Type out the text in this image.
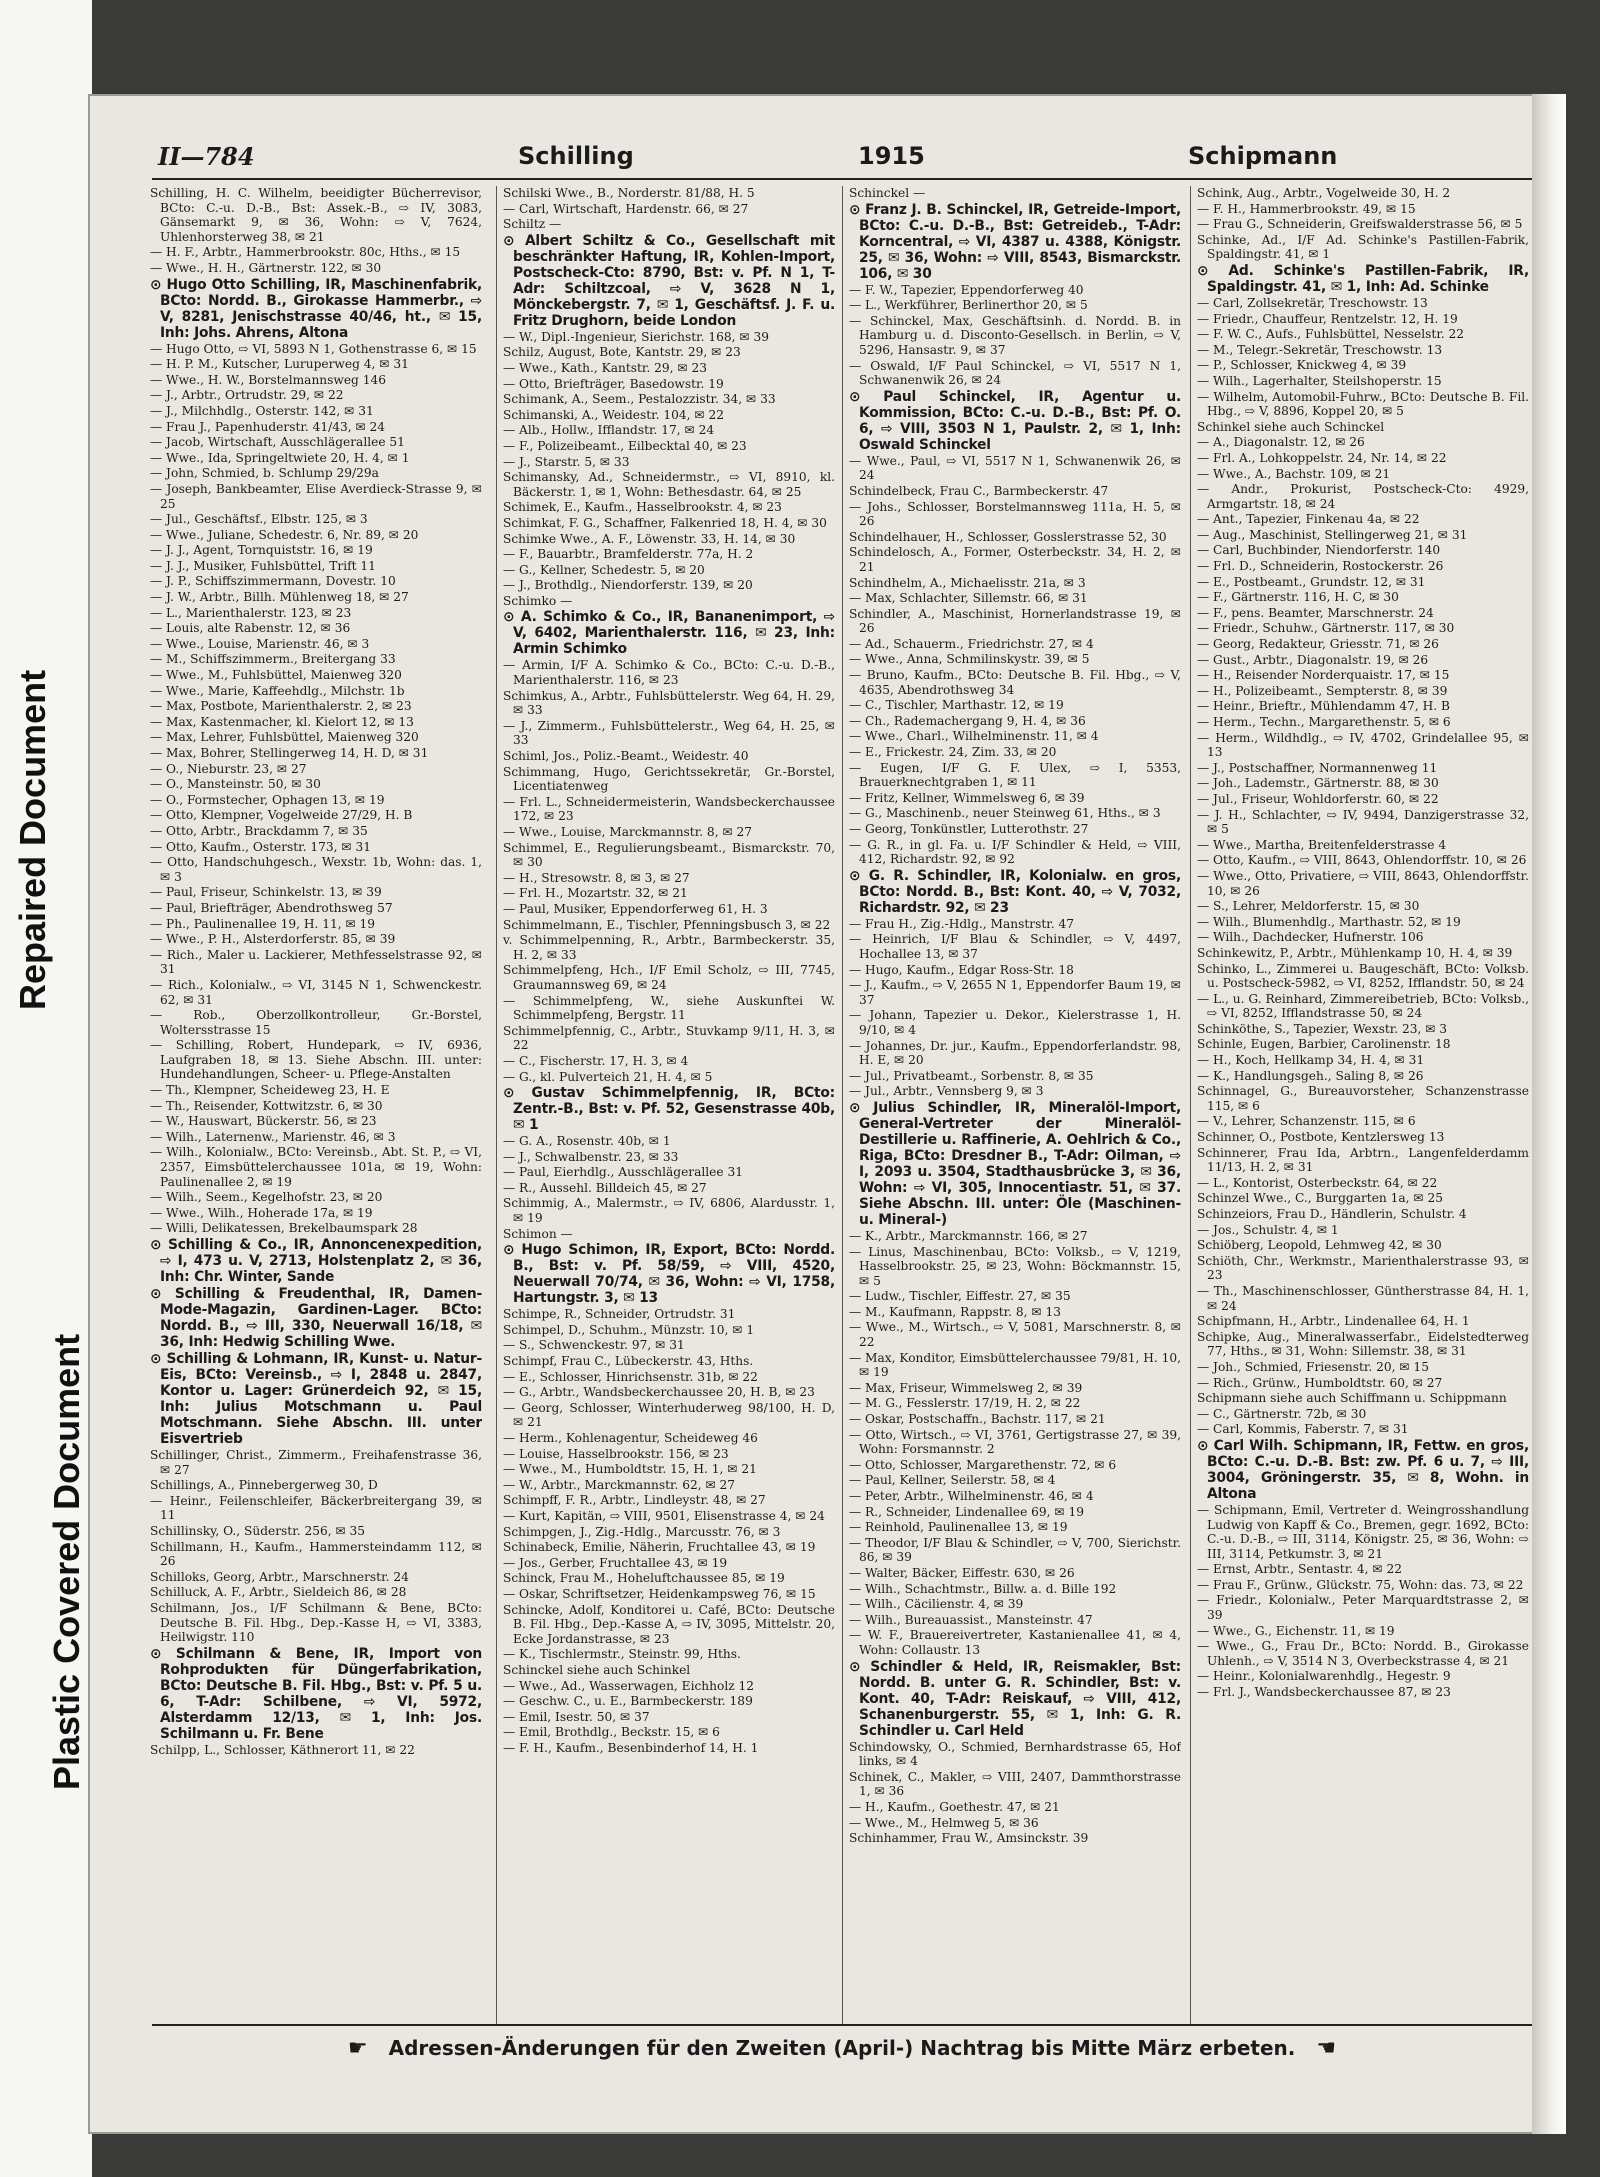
Plastic Covered Document
Repaired Document
II—784	Schilling	1915	Schipmann
Schilling, H. C. Wilhelm, beeidigter Bücherrevisor, BCto: C.-u. D.-B., Bst: Assek.-B., ⇨ IV, 3083, Gänsemarkt 9, ✉ 36, Wohn: ⇨ V, 7624, Uhlenhorsterweg 38, ✉ 21
— H. F., Arbtr., Hammerbrookstr. 80c, Hths., ✉ 15
— Wwe., H. H., Gärtnerstr. 122, ✉ 30
⊙ Hugo Otto Schilling, IR, Maschinenfabrik, BCto: Nordd. B., Girokasse Hammerbr., ⇨ V, 8281, Jenischstrasse 40/46, ht., ✉ 15, Inh: Johs. Ahrens, Altona
— Hugo Otto, ⇨ VI, 5893 N 1, Gothenstrasse 6, ✉ 15
— H. P. M., Kutscher, Luruperweg 4, ✉ 31
— Wwe., H. W., Borstelmannsweg 146
— J., Arbtr., Ortrudstr. 29, ✉ 22
— J., Milchhdlg., Osterstr. 142, ✉ 31
— Frau J., Papenhuderstr. 41/43, ✉ 24
— Jacob, Wirtschaft, Ausschlägerallee 51
— Wwe., Ida, Springeltwiete 20, H. 4, ✉ 1
— John, Schmied, b. Schlump 29/29a
— Joseph, Bankbeamter, Elise Averdieck-Strasse 9, ✉ 25
— Jul., Geschäftsf., Elbstr. 125, ✉ 3
— Wwe., Juliane, Schedestr. 6, Nr. 89, ✉ 20
— J. J., Agent, Tornquiststr. 16, ✉ 19
— J. J., Musiker, Fuhlsbüttel, Trift 11
— J. P., Schiffszimmermann, Dovestr. 10
— J. W., Arbtr., Billh. Mühlenweg 18, ✉ 27
— L., Marienthalerstr. 123, ✉ 23
— Louis, alte Rabenstr. 12, ✉ 36
— Wwe., Louise, Marienstr. 46, ✉ 3
— M., Schiffszimmerm., Breitergang 33
— Wwe., M., Fuhlsbüttel, Maienweg 320
— Wwe., Marie, Kaffeehdlg., Milchstr. 1b
— Max, Postbote, Marienthalerstr. 2, ✉ 23
— Max, Kastenmacher, kl. Kielort 12, ✉ 13
— Max, Lehrer, Fuhlsbüttel, Maienweg 320
— Max, Bohrer, Stellingerweg 14, H. D, ✉ 31
— O., Nieburstr. 23, ✉ 27
— O., Mansteinstr. 50, ✉ 30
— O., Formstecher, Ophagen 13, ✉ 19
— Otto, Klempner, Vogelweide 27/29, H. B
— Otto, Arbtr., Brackdamm 7, ✉ 35
— Otto, Kaufm., Osterstr. 173, ✉ 31
— Otto, Handschuhgesch., Wexstr. 1b, Wohn: das. 1, ✉ 3
— Paul, Friseur, Schinkelstr. 13, ✉ 39
— Paul, Briefträger, Abendrothsweg 57
— Ph., Paulinenallee 19, H. 11, ✉ 19
— Wwe., P. H., Alsterdorferstr. 85, ✉ 39
— Rich., Maler u. Lackierer, Methfesselstrasse 92, ✉ 31
— Rich., Kolonialw., ⇨ VI, 3145 N 1, Schwenckestr. 62, ✉ 31
— Rob., Oberzollkontrolleur, Gr.-Borstel, Woltersstrasse 15
— Schilling, Robert, Hundepark, ⇨ IV, 6936, Laufgraben 18, ✉ 13. Siehe Abschn. III. unter: Hundehandlungen, Scheer- u. Pflege-Anstalten
— Th., Klempner, Scheideweg 23, H. E
— Th., Reisender, Kottwitzstr. 6, ✉ 30
— W., Hauswart, Bückerstr. 56, ✉ 23
— Wilh., Laternenw., Marienstr. 46, ✉ 3
— Wilh., Kolonialw., BCto: Vereinsb., Abt. St. P., ⇨ VI, 2357, Eimsbüttelerchaussee 101a, ✉ 19, Wohn: Paulinenallee 2, ✉ 19
— Wilh., Seem., Kegelhofstr. 23, ✉ 20
— Wwe., Wilh., Hoherade 17a, ✉ 19
— Willi, Delikatessen, Brekelbaumspark 28
⊙ Schilling & Co., IR, Annoncenexpedition, ⇨ I, 473 u. V, 2713, Holstenplatz 2, ✉ 36, Inh: Chr. Winter, Sande
⊙ Schilling & Freudenthal, IR, Damen-Mode-Magazin, Gardinen-Lager. BCto: Nordd. B., ⇨ III, 330, Neuerwall 16/18, ✉ 36, Inh: Hedwig Schilling Wwe.
⊙ Schilling & Lohmann, IR, Kunst- u. Natur-Eis, BCto: Vereinsb., ⇨ I, 2848 u. 2847, Kontor u. Lager: Grünerdeich 92, ✉ 15, Inh: Julius Motschmann u. Paul Motschmann. Siehe Abschn. III. unter Eisvertrieb
Schillinger, Christ., Zimmerm., Freihafenstrasse 36, ✉ 27
Schillings, A., Pinnebergerweg 30, D
— Heinr., Feilenschleifer, Bäckerbreitergang 39, ✉ 11
Schillinsky, O., Süderstr. 256, ✉ 35
Schillmann, H., Kaufm., Hammersteindamm 112, ✉ 26
Schilloks, Georg, Arbtr., Marschnerstr. 24
Schilluck, A. F., Arbtr., Sieldeich 86, ✉ 28
Schilmann, Jos., I/F Schilmann & Bene, BCto: Deutsche B. Fil. Hbg., Dep.-Kasse H, ⇨ VI, 3383, Heilwigstr. 110
⊙ Schilmann & Bene, IR, Import von Rohprodukten für Düngerfabrikation, BCto: Deutsche B. Fil. Hbg., Bst: v. Pf. 5 u. 6, T-Adr: Schilbene, ⇨ VI, 5972, Alsterdamm 12/13, ✉ 1, Inh: Jos. Schilmann u. Fr. Bene
Schilpp, L., Schlosser, Käthnerort 11, ✉ 22
Schilski Wwe., B., Norderstr. 81/88, H. 5
— Carl, Wirtschaft, Hardenstr. 66, ✉ 27
Schiltz —
⊙ Albert Schiltz & Co., Gesellschaft mit beschränkter Haftung, IR, Kohlen-Import, Postscheck-Cto: 8790, Bst: v. Pf. N 1, T-Adr: Schiltzcoal, ⇨ V, 3628 N 1, Mönckebergstr. 7, ✉ 1, Geschäftsf. J. F. u. Fritz Drughorn, beide London
— W., Dipl.-Ingenieur, Sierichstr. 168, ✉ 39
Schilz, August, Bote, Kantstr. 29, ✉ 23
— Wwe., Kath., Kantstr. 29, ✉ 23
— Otto, Briefträger, Basedowstr. 19
Schimank, A., Seem., Pestalozzistr. 34, ✉ 33
Schimanski, A., Weidestr. 104, ✉ 22
— Alb., Hollw., Ifflandstr. 17, ✉ 24
— F., Polizeibeamt., Eilbecktal 40, ✉ 23
— J., Starstr. 5, ✉ 33
Schimansky, Ad., Schneidermstr., ⇨ VI, 8910, kl. Bäckerstr. 1, ✉ 1, Wohn: Bethesdastr. 64, ✉ 25
Schimek, E., Kaufm., Hasselbrookstr. 4, ✉ 23
Schimkat, F. G., Schaffner, Falkenried 18, H. 4, ✉ 30
Schimke Wwe., A. F., Löwenstr. 33, H. 14, ✉ 30
— F., Bauarbtr., Bramfelderstr. 77a, H. 2
— G., Kellner, Schedestr. 5, ✉ 20
— J., Brothdlg., Niendorferstr. 139, ✉ 20
Schimko —
⊙ A. Schimko & Co., IR, Bananenimport, ⇨ V, 6402, Marienthalerstr. 116, ✉ 23, Inh: Armin Schimko
— Armin, I/F A. Schimko & Co., BCto: C.-u. D.-B., Marienthalerstr. 116, ✉ 23
Schimkus, A., Arbtr., Fuhlsbüttelerstr. Weg 64, H. 29, ✉ 33
— J., Zimmerm., Fuhlsbüttelerstr., Weg 64, H. 25, ✉ 33
Schiml, Jos., Poliz.-Beamt., Weidestr. 40
Schimmang, Hugo, Gerichtssekretär, Gr.-Borstel, Licentiatenweg
— Frl. L., Schneidermeisterin, Wandsbeckerchaussee 172, ✉ 23
— Wwe., Louise, Marckmannstr. 8, ✉ 27
Schimmel, E., Regulierungsbeamt., Bismarckstr. 70, ✉ 30
— H., Stresowstr. 8, ✉ 3, ✉ 27
— Frl. H., Mozartstr. 32, ✉ 21
— Paul, Musiker, Eppendorferweg 61, H. 3
Schimmelmann, E., Tischler, Pfenningsbusch 3, ✉ 22
v. Schimmelpenning, R., Arbtr., Barmbeckerstr. 35, H. 2, ✉ 33
Schimmelpfeng, Hch., I/F Emil Scholz, ⇨ III, 7745, Graumannsweg 69, ✉ 24
— Schimmelpfeng, W., siehe Auskunftei W. Schimmelpfeng, Bergstr. 11
Schimmelpfennig, C., Arbtr., Stuvkamp 9/11, H. 3, ✉ 22
— C., Fischerstr. 17, H. 3, ✉ 4
— G., kl. Pulverteich 21, H. 4, ✉ 5
⊙ Gustav Schimmelpfennig, IR, BCto: Zentr.-B., Bst: v. Pf. 52, Gesenstrasse 40b, ✉ 1
— G. A., Rosenstr. 40b, ✉ 1
— J., Schwalbenstr. 23, ✉ 33
— Paul, Eierhdlg., Ausschlägerallee 31
— R., Aussehl. Billdeich 45, ✉ 27
Schimmig, A., Malermstr., ⇨ IV, 6806, Alardusstr. 1, ✉ 19
Schimon —
⊙ Hugo Schimon, IR, Export, BCto: Nordd. B., Bst: v. Pf. 58/59, ⇨ VIII, 4520, Neuerwall 70/74, ✉ 36, Wohn: ⇨ VI, 1758, Hartungstr. 3, ✉ 13
Schimpe, R., Schneider, Ortrudstr. 31
Schimpel, D., Schuhm., Münzstr. 10, ✉ 1
— S., Schwenckestr. 97, ✉ 31
Schimpf, Frau C., Lübeckerstr. 43, Hths.
— E., Schlosser, Hinrichsenstr. 31b, ✉ 22
— G., Arbtr., Wandsbeckerchaussee 20, H. B, ✉ 23
— Georg, Schlosser, Winterhuderweg 98/100, H. D, ✉ 21
— Herm., Kohlenagentur, Scheideweg 46
— Louise, Hasselbrookstr. 156, ✉ 23
— Wwe., M., Humboldtstr. 15, H. 1, ✉ 21
— W., Arbtr., Marckmannstr. 62, ✉ 27
Schimpff, F. R., Arbtr., Lindleystr. 48, ✉ 27
— Kurt, Kapitän, ⇨ VIII, 9501, Elisenstrasse 4, ✉ 24
Schimpgen, J., Zig.-Hdlg., Marcusstr. 76, ✉ 3
Schinabeck, Emilie, Näherin, Fruchtallee 43, ✉ 19
— Jos., Gerber, Fruchtallee 43, ✉ 19
Schinck, Frau M., Hoheluftchaussee 85, ✉ 19
— Oskar, Schriftsetzer, Heidenkampsweg 76, ✉ 15
Schincke, Adolf, Konditorei u. Café, BCto: Deutsche B. Fil. Hbg., Dep.-Kasse A, ⇨ IV, 3095, Mittelstr. 20, Ecke Jordanstrasse, ✉ 23
— K., Tischlermstr., Steinstr. 99, Hths.
Schinckel siehe auch Schinkel
— Wwe., Ad., Wasserwagen, Eichholz 12
— Geschw. C., u. E., Barmbeckerstr. 189
— Emil, Isestr. 50, ✉ 37
— Emil, Brothdlg., Beckstr. 15, ✉ 6
— F. H., Kaufm., Besenbinderhof 14, H. 1
Schinckel —
⊙ Franz J. B. Schinckel, IR, Getreide-Import, BCto: C.-u. D.-B., Bst: Getreideb., T-Adr: Korncentral, ⇨ VI, 4387 u. 4388, Königstr. 25, ✉ 36, Wohn: ⇨ VIII, 8543, Bismarckstr. 106, ✉ 30
— F. W., Tapezier, Eppendorferweg 40
— L., Werkführer, Berlinerthor 20, ✉ 5
— Schinckel, Max, Geschäftsinh. d. Nordd. B. in Hamburg u. d. Disconto-Gesellsch. in Berlin, ⇨ V, 5296, Hansastr. 9, ✉ 37
— Oswald, I/F Paul Schinckel, ⇨ VI, 5517 N 1, Schwanenwik 26, ✉ 24
⊙ Paul Schinckel, IR, Agentur u. Kommission, BCto: C.-u. D.-B., Bst: Pf. O. 6, ⇨ VIII, 3503 N 1, Paulstr. 2, ✉ 1, Inh: Oswald Schinckel
— Wwe., Paul, ⇨ VI, 5517 N 1, Schwanenwik 26, ✉ 24
Schindelbeck, Frau C., Barmbeckerstr. 47
— Johs., Schlosser, Borstelmannsweg 111a, H. 5, ✉ 26
Schindelhauer, H., Schlosser, Gosslerstrasse 52, 30
Schindelosch, A., Former, Osterbeckstr. 34, H. 2, ✉ 21
Schindhelm, A., Michaelisstr. 21a, ✉ 3
— Max, Schlachter, Sillemstr. 66, ✉ 31
Schindler, A., Maschinist, Hornerlandstrasse 19, ✉ 26
— Ad., Schauerm., Friedrichstr. 27, ✉ 4
— Wwe., Anna, Schmilinskystr. 39, ✉ 5
— Bruno, Kaufm., BCto: Deutsche B. Fil. Hbg., ⇨ V, 4635, Abendrothsweg 34
— C., Tischler, Marthastr. 12, ✉ 19
— Ch., Rademachergang 9, H. 4, ✉ 36
— Wwe., Charl., Wilhelminenstr. 11, ✉ 4
— E., Frickestr. 24, Zim. 33, ✉ 20
— Eugen, I/F G. F. Ulex, ⇨ I, 5353, Brauerknechtgraben 1, ✉ 11
— Fritz, Kellner, Wimmelsweg 6, ✉ 39
— G., Maschinenb., neuer Steinweg 61, Hths., ✉ 3
— Georg, Tonkünstler, Lutterothstr. 27
— G. R., in gl. Fa. u. I/F Schindler & Held, ⇨ VIII, 412, Richardstr. 92, ✉ 92
⊙ G. R. Schindler, IR, Kolonialw. en gros, BCto: Nordd. B., Bst: Kont. 40, ⇨ V, 7032, Richardstr. 92, ✉ 23
— Frau H., Zig.-Hdlg., Manstrstr. 47
— Heinrich, I/F Blau & Schindler, ⇨ V, 4497, Hochallee 13, ✉ 37
— Hugo, Kaufm., Edgar Ross-Str. 18
— J., Kaufm., ⇨ V, 2655 N 1, Eppendorfer Baum 19, ✉ 37
— Johann, Tapezier u. Dekor., Kielerstrasse 1, H. 9/10, ✉ 4
— Johannes, Dr. jur., Kaufm., Eppendorferlandstr. 98, H. E, ✉ 20
— Jul., Privatbeamt., Sorbenstr. 8, ✉ 35
— Jul., Arbtr., Vennsberg 9, ✉ 3
⊙ Julius Schindler, IR, Mineralöl-Import, General-Vertreter der Mineralöl-Destillerie u. Raffinerie, A. Oehlrich & Co., Riga, BCto: Dresdner B., T-Adr: Oilman, ⇨ I, 2093 u. 3504, Stadthausbrücke 3, ✉ 36, Wohn: ⇨ VI, 305, Innocentiastr. 51, ✉ 37. Siehe Abschn. III. unter: Öle (Maschinen- u. Mineral-)
— K., Arbtr., Marckmannstr. 166, ✉ 27
— Linus, Maschinenbau, BCto: Volksb., ⇨ V, 1219, Hasselbrookstr. 25, ✉ 23, Wohn: Böckmannstr. 15, ✉ 5
— Ludw., Tischler, Eiffestr. 27, ✉ 35
— M., Kaufmann, Rappstr. 8, ✉ 13
— Wwe., M., Wirtsch., ⇨ V, 5081, Marschnerstr. 8, ✉ 22
— Max, Konditor, Eimsbüttelerchaussee 79/81, H. 10, ✉ 19
— Max, Friseur, Wimmelsweg 2, ✉ 39
— M. G., Fesslerstr. 17/19, H. 2, ✉ 22
— Oskar, Postschaffn., Bachstr. 117, ✉ 21
— Otto, Wirtsch., ⇨ VI, 3761, Gertigstrasse 27, ✉ 39, Wohn: Forsmannstr. 2
— Otto, Schlosser, Margarethenstr. 72, ✉ 6
— Paul, Kellner, Seilerstr. 58, ✉ 4
— Peter, Arbtr., Wilhelminenstr. 46, ✉ 4
— R., Schneider, Lindenallee 69, ✉ 19
— Reinhold, Paulinenallee 13, ✉ 19
— Theodor, I/F Blau & Schindler, ⇨ V, 700, Sierichstr. 86, ✉ 39
— Walter, Bäcker, Eiffestr. 630, ✉ 26
— Wilh., Schachtmstr., Billw. a. d. Bille 192
— Wilh., Cäcilienstr. 4, ✉ 39
— Wilh., Bureauassist., Mansteinstr. 47
— W. F., Brauereivertreter, Kastanienallee 41, ✉ 4, Wohn: Collaustr. 13
⊙ Schindler & Held, IR, Reismakler, Bst: Nordd. B. unter G. R. Schindler, Bst: v. Kont. 40, T-Adr: Reiskauf, ⇨ VIII, 412, Schanenburgerstr. 55, ✉ 1, Inh: G. R. Schindler u. Carl Held
Schindowsky, O., Schmied, Bernhardstrasse 65, Hof links, ✉ 4
Schinek, C., Makler, ⇨ VIII, 2407, Dammthorstrasse 1, ✉ 36
— H., Kaufm., Goethestr. 47, ✉ 21
— Wwe., M., Helmweg 5, ✉ 36
Schinhammer, Frau W., Amsinckstr. 39
Schink, Aug., Arbtr., Vogelweide 30, H. 2
— F. H., Hammerbrookstr. 49, ✉ 15
— Frau G., Schneiderin, Greifswalderstrasse 56, ✉ 5
Schinke, Ad., I/F Ad. Schinke's Pastillen-Fabrik, Spaldingstr. 41, ✉ 1
⊙ Ad. Schinke's Pastillen-Fabrik, IR, Spaldingstr. 41, ✉ 1, Inh: Ad. Schinke
— Carl, Zollsekretär, Treschowstr. 13
— Friedr., Chauffeur, Rentzelstr. 12, H. 19
— F. W. C., Aufs., Fuhlsbüttel, Nesselstr. 22
— M., Telegr.-Sekretär, Treschowstr. 13
— P., Schlosser, Knickweg 4, ✉ 39
— Wilh., Lagerhalter, Steilshoperstr. 15
— Wilhelm, Automobil-Fuhrw., BCto: Deutsche B. Fil. Hbg., ⇨ V, 8896, Koppel 20, ✉ 5
Schinkel siehe auch Schinckel
— A., Diagonalstr. 12, ✉ 26
— Frl. A., Lohkoppelstr. 24, Nr. 14, ✉ 22
— Wwe., A., Bachstr. 109, ✉ 21
— Andr., Prokurist, Postscheck-Cto: 4929, Armgartstr. 18, ✉ 24
— Ant., Tapezier, Finkenau 4a, ✉ 22
— Aug., Maschinist, Stellingerweg 21, ✉ 31
— Carl, Buchbinder, Niendorferstr. 140
— Frl. D., Schneiderin, Rostockerstr. 26
— E., Postbeamt., Grundstr. 12, ✉ 31
— F., Gärtnerstr. 116, H. C, ✉ 30
— F., pens. Beamter, Marschnerstr. 24
— Friedr., Schuhw., Gärtnerstr. 117, ✉ 30
— Georg, Redakteur, Griesstr. 71, ✉ 26
— Gust., Arbtr., Diagonalstr. 19, ✉ 26
— H., Reisender Norderquaistr. 17, ✉ 15
— H., Polizeibeamt., Sempterstr. 8, ✉ 39
— Heinr., Brieftr., Mühlendamm 47, H. B
— Herm., Techn., Margarethenstr. 5, ✉ 6
— Herm., Wildhdlg., ⇨ IV, 4702, Grindelallee 95, ✉ 13
— J., Postschaffner, Normannenweg 11
— Joh., Lademstr., Gärtnerstr. 88, ✉ 30
— Jul., Friseur, Wohldorferstr. 60, ✉ 22
— J. H., Schlachter, ⇨ IV, 9494, Danzigerstrasse 32, ✉ 5
— Wwe., Martha, Breitenfelderstrasse 4
— Otto, Kaufm., ⇨ VIII, 8643, Ohlendorffstr. 10, ✉ 26
— Wwe., Otto, Privatiere, ⇨ VIII, 8643, Ohlendorffstr. 10, ✉ 26
— S., Lehrer, Meldorferstr. 15, ✉ 30
— Wilh., Blumenhdlg., Marthastr. 52, ✉ 19
— Wilh., Dachdecker, Hufnerstr. 106
Schinkewitz, P., Arbtr., Mühlenkamp 10, H. 4, ✉ 39
Schinko, L., Zimmerei u. Baugeschäft, BCto: Volksb. u. Postscheck-5982, ⇨ VI, 8252, Ifflandstr. 50, ✉ 24
— L., u. G. Reinhard, Zimmereibetrieb, BCto: Volksb., ⇨ VI, 8252, Ifflandstrasse 50, ✉ 24
Schinköthe, S., Tapezier, Wexstr. 23, ✉ 3
Schinle, Eugen, Barbier, Carolinenstr. 18
— H., Koch, Hellkamp 34, H. 4, ✉ 31
— K., Handlungsgeh., Saling 8, ✉ 26
Schinnagel, G., Bureauvorsteher, Schanzenstrasse 115, ✉ 6
— V., Lehrer, Schanzenstr. 115, ✉ 6
Schinner, O., Postbote, Kentzlersweg 13
Schinnerer, Frau Ida, Arbtrn., Langenfelderdamm 11/13, H. 2, ✉ 31
— L., Kontorist, Osterbeckstr. 64, ✉ 22
Schinzel Wwe., C., Burggarten 1a, ✉ 25
Schinzeiors, Frau D., Händlerin, Schulstr. 4
— Jos., Schulstr. 4, ✉ 1
Schiöberg, Leopold, Lehmweg 42, ✉ 30
Schiöth, Chr., Werkmstr., Marienthalerstrasse 93, ✉ 23
— Th., Maschinenschlosser, Güntherstrasse 84, H. 1, ✉ 24
Schipfmann, H., Arbtr., Lindenallee 64, H. 1
Schipke, Aug., Mineralwasserfabr., Eidelstedterweg 77, Hths., ✉ 31, Wohn: Sillemstr. 38, ✉ 31
— Joh., Schmied, Friesenstr. 20, ✉ 15
— Rich., Grünw., Humboldtstr. 60, ✉ 27
Schipmann siehe auch Schiffmann u. Schippmann
— C., Gärtnerstr. 72b, ✉ 30
— Carl, Kommis, Faberstr. 7, ✉ 31
⊙ Carl Wilh. Schipmann, IR, Fettw. en gros, BCto: C.-u. D.-B. Bst: zw. Pf. 6 u. 7, ⇨ III, 3004, Gröningerstr. 35, ✉ 8, Wohn. in Altona
— Schipmann, Emil, Vertreter d. Weingrosshandlung Ludwig von Kapff & Co., Bremen, gegr. 1692, BCto: C.-u. D.-B., ⇨ III, 3114, Königstr. 25, ✉ 36, Wohn: ⇨ III, 3114, Petkumstr. 3, ✉ 21
— Ernst, Arbtr., Sentastr. 4, ✉ 22
— Frau F., Grünw., Glückstr. 75, Wohn: das. 73, ✉ 22
— Friedr., Kolonialw., Peter Marquardtstrasse 2, ✉ 39
— Wwe., G., Eichenstr. 11, ✉ 19
— Wwe., G., Frau Dr., BCto: Nordd. B., Girokasse Uhlenh., ⇨ V, 3514 N 3, Overbeckstrasse 4, ✉ 21
— Heinr., Kolonialwarenhdlg., Hegestr. 9
— Frl. J., Wandsbeckerchaussee 87, ✉ 23
☛ Adressen-Änderungen für den Zweiten (April-) Nachtrag bis Mitte März erbeten. ☚
